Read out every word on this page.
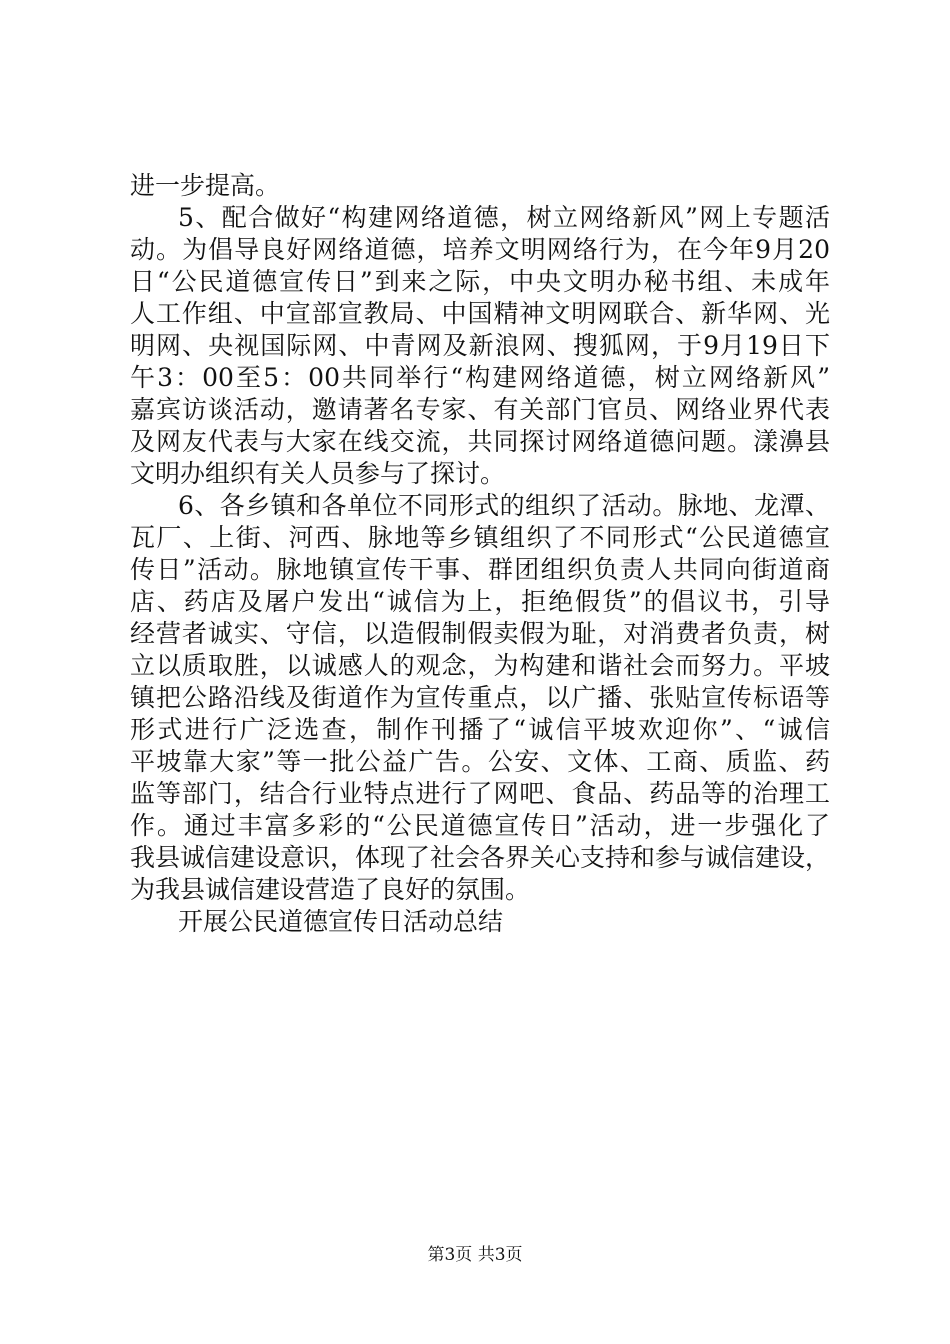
进一步提高。
5、配合做好“构建网络道德，树立网络新风”网上专题活
动。为倡导良好网络道德，培养文明网络行为，在今年9月20
日“公民道德宣传日”到来之际，中央文明办秘书组、未成年
人工作组、中宣部宣教局、中国精神文明网联合、新华网、光
明网、央视国际网、中青网及新浪网、搜狐网，于9月19日下
午3：00至5：00共同举行“构建网络道德，树立网络新风”
嘉宾访谈活动，邀请著名专家、有关部门官员、网络业界代表
及网友代表与大家在线交流，共同探讨网络道德问题。漾濞县
文明办组织有关人员参与了探讨。
6、各乡镇和各单位不同形式的组织了活动。脉地、龙潭、
瓦厂、上街、河西、脉地等乡镇组织了不同形式“公民道德宣
传日”活动。脉地镇宣传干事、群团组织负责人共同向街道商
店、药店及屠户发出“诚信为上，拒绝假货”的倡议书，引导
经营者诚实、守信，以造假制假卖假为耻，对消费者负责，树
立以质取胜，以诚感人的观念，为构建和谐社会而努力。平坡
镇把公路沿线及街道作为宣传重点，以广播、张贴宣传标语等
形式进行广泛选查，制作刊播了“诚信平坡欢迎你”、“诚信
平坡靠大家”等一批公益广告。公安、文体、工商、质监、药
监等部门，结合行业特点进行了网吧、食品、药品等的治理工
作。通过丰富多彩的“公民道德宣传日”活动，进一步强化了
我县诚信建设意识，体现了社会各界关心支持和参与诚信建设，
为我县诚信建设营造了良好的氛围。
开展公民道德宣传日活动总结
第3页 共3页
